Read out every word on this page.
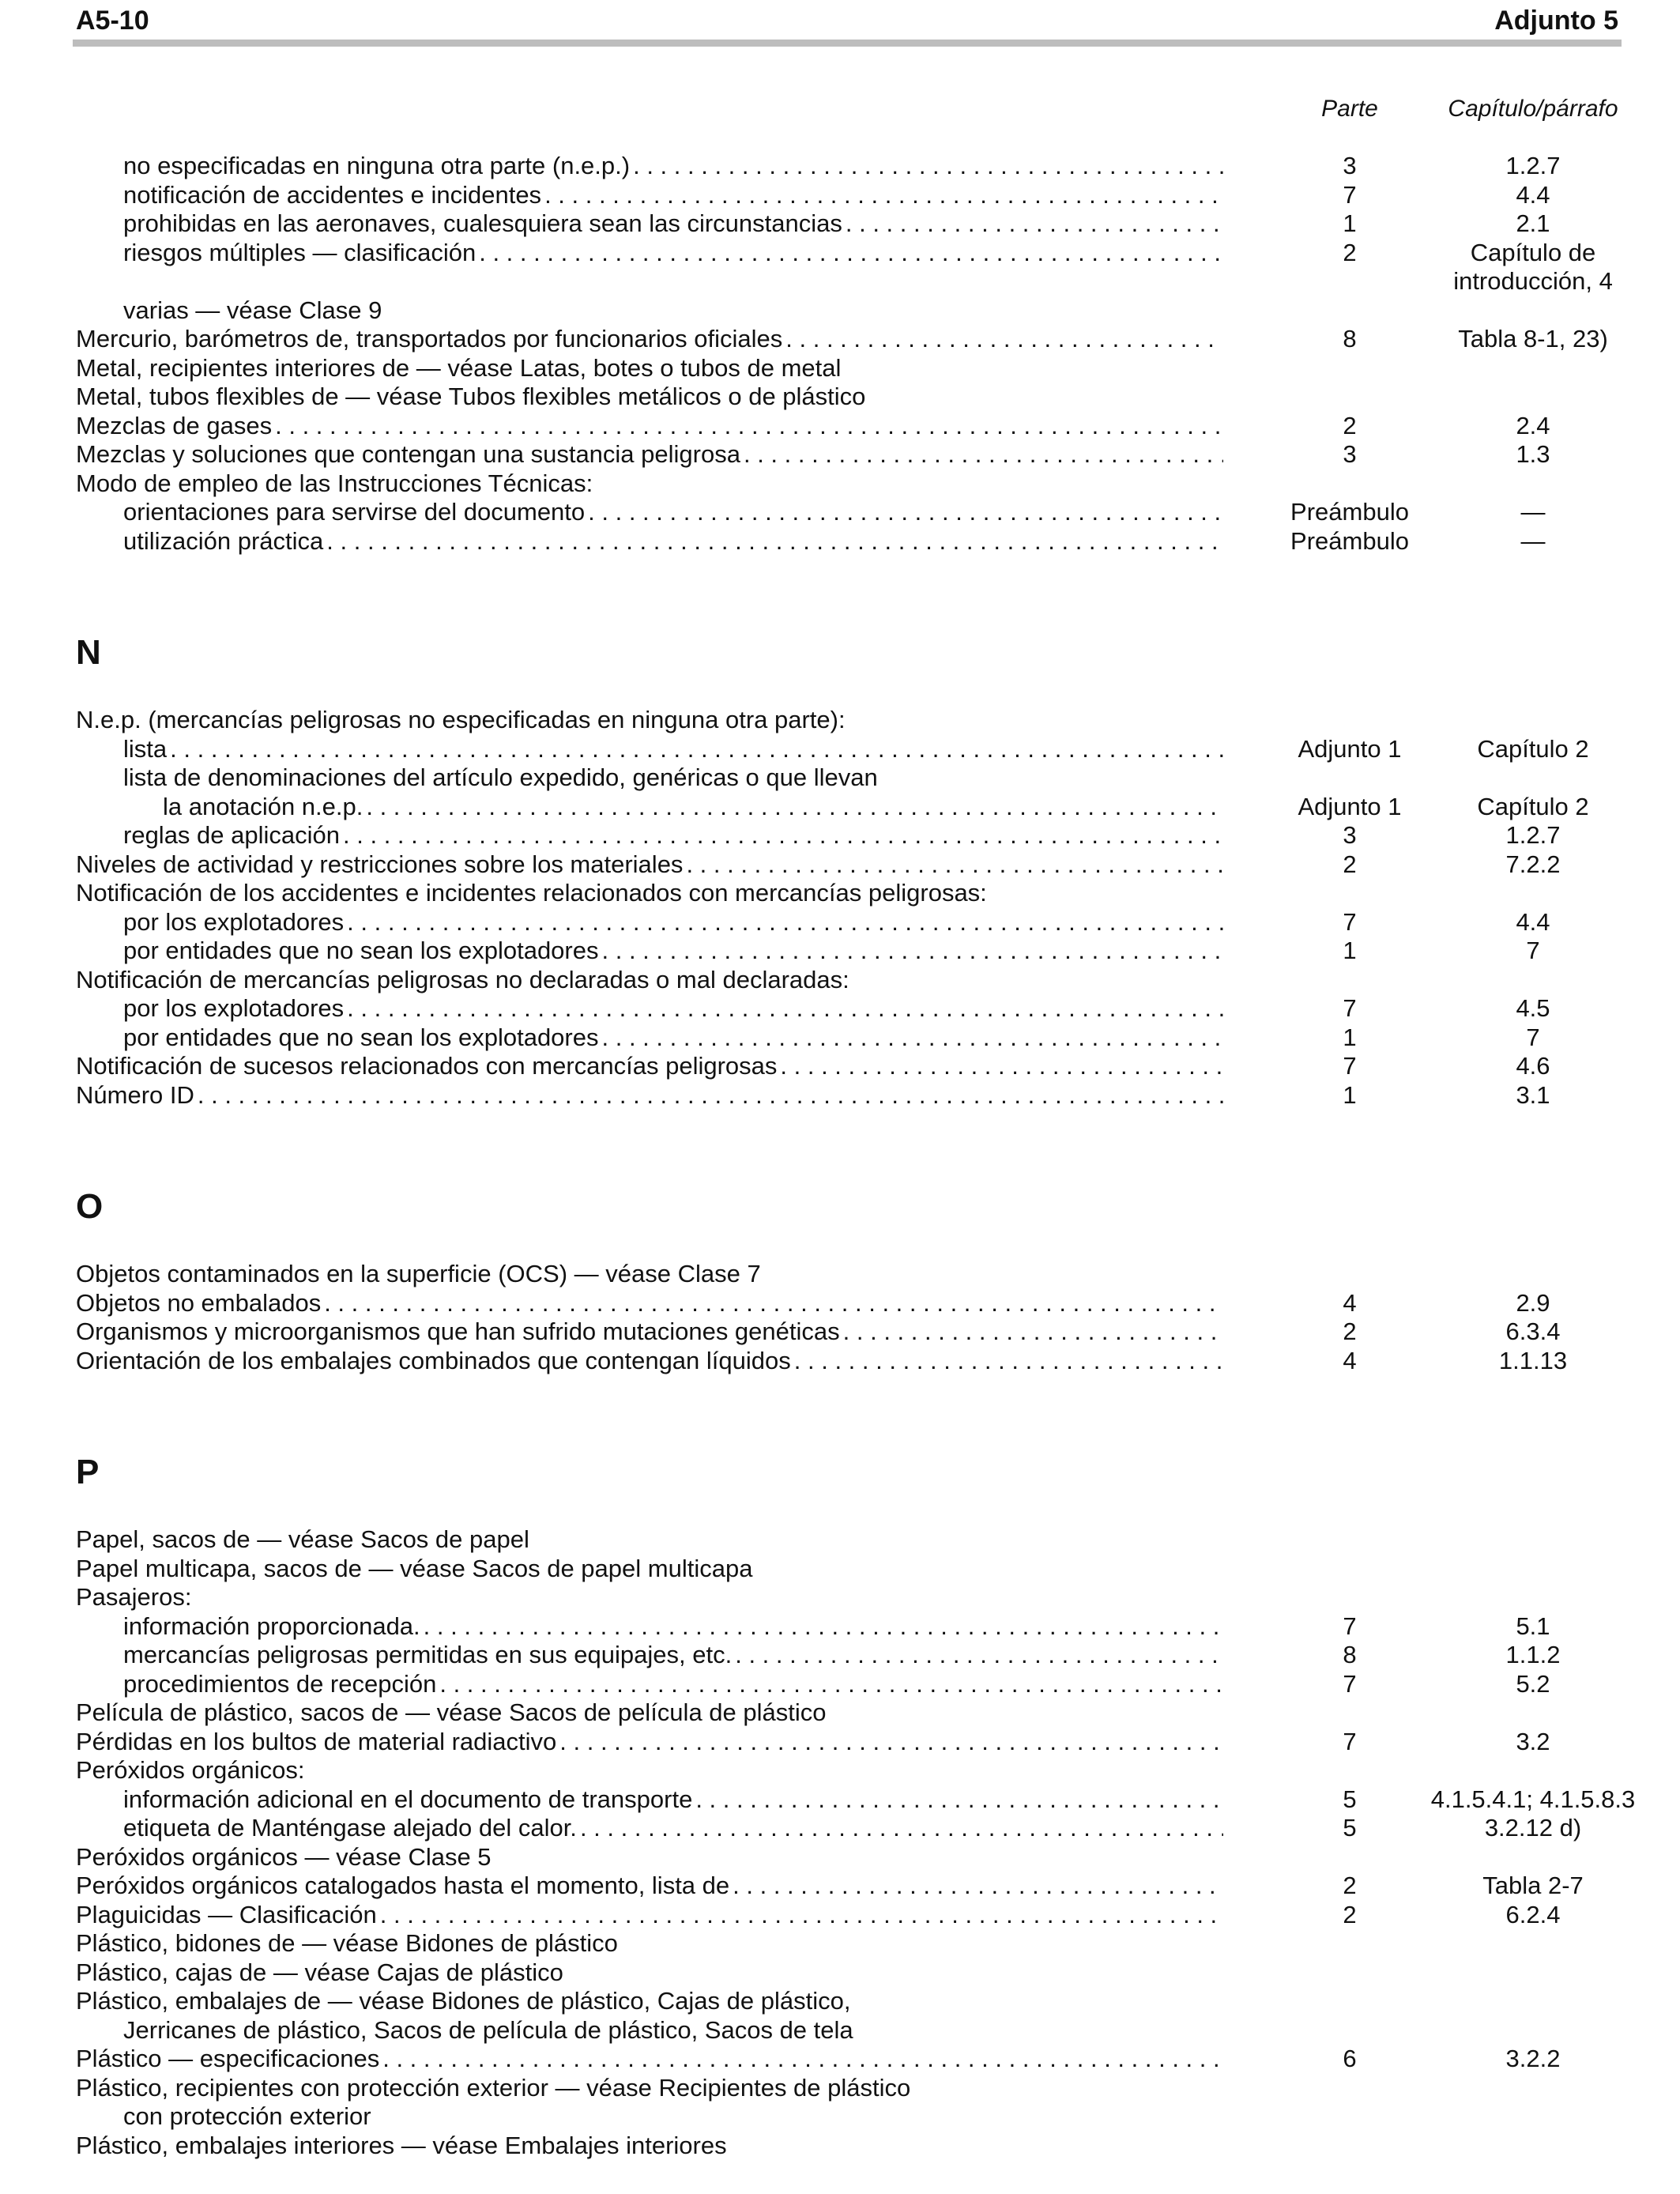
A5-10	Adjunto 5
Parte	Capítulo/párrafo
no especificadas en ninguna otra parte (n.e.p.) . . .	3	1.2.7
notificación de accidentes e incidentes . . .	7	4.4
prohibidas en las aeronaves, cualesquiera sean las circunstancias . . .	1	2.1
riesgos múltiples — clasificación . . .	2	Capítulo de
introducción, 4
varias — véase Clase 9
Mercurio, barómetros de, transportados por funcionarios oficiales . . .	8	Tabla 8-1, 23)
Metal, recipientes interiores de — véase Latas, botes o tubos de metal
Metal, tubos flexibles de — véase Tubos flexibles metálicos o de plástico
Mezclas de gases . . .	2	2.4
Mezclas y soluciones que contengan una sustancia peligrosa . . .	3	1.3
Modo de empleo de las Instrucciones Técnicas:
orientaciones para servirse del documento . . .	Preámbulo	—
utilización práctica . . .	Preámbulo	—
N
N.e.p. (mercancías peligrosas no especificadas en ninguna otra parte):
lista . . .	Adjunto 1	Capítulo 2
lista de denominaciones del artículo expedido, genéricas o que llevan
la anotación n.e.p. . . .	Adjunto 1	Capítulo 2
reglas de aplicación . . .	3	1.2.7
Niveles de actividad y restricciones sobre los materiales . . .	2	7.2.2
Notificación de los accidentes e incidentes relacionados con mercancías peligrosas:
por los explotadores . . .	7	4.4
por entidades que no sean los explotadores . . .	1	7
Notificación de mercancías peligrosas no declaradas o mal declaradas:
por los explotadores . . .	7	4.5
por entidades que no sean los explotadores . . .	1	7
Notificación de sucesos relacionados con mercancías peligrosas . . .	7	4.6
Número ID . . .	1	3.1
O
Objetos contaminados en la superficie (OCS) — véase Clase 7
Objetos no embalados . . .	4	2.9
Organismos y microorganismos que han sufrido mutaciones genéticas . . .	2	6.3.4
Orientación de los embalajes combinados que contengan líquidos . . .	4	1.1.13
P
Papel, sacos de — véase Sacos de papel
Papel multicapa, sacos de — véase Sacos de papel multicapa
Pasajeros:
información proporcionada. . . .	7	5.1
mercancías peligrosas permitidas en sus equipajes, etc. . . .	8	1.1.2
procedimientos de recepción . . .	7	5.2
Película de plástico, sacos de — véase Sacos de película de plástico
Pérdidas en los bultos de material radiactivo . . .	7	3.2
Peróxidos orgánicos:
información adicional en el documento de transporte . . .	5	4.1.5.4.1; 4.1.5.8.3
etiqueta de Manténgase alejado del calor. . . .	5	3.2.12 d)
Peróxidos orgánicos — véase Clase 5
Peróxidos orgánicos catalogados hasta el momento, lista de . . .	2	Tabla 2-7
Plaguicidas — Clasificación . . .	2	6.2.4
Plástico, bidones de — véase Bidones de plástico
Plástico, cajas de — véase Cajas de plástico
Plástico, embalajes de — véase Bidones de plástico, Cajas de plástico,
Jerricanes de plástico, Sacos de película de plástico, Sacos de tela
Plástico — especificaciones . . .	6	3.2.2
Plástico, recipientes con protección exterior — véase Recipientes de plástico
con protección exterior
Plástico, embalajes interiores — véase Embalajes interiores
